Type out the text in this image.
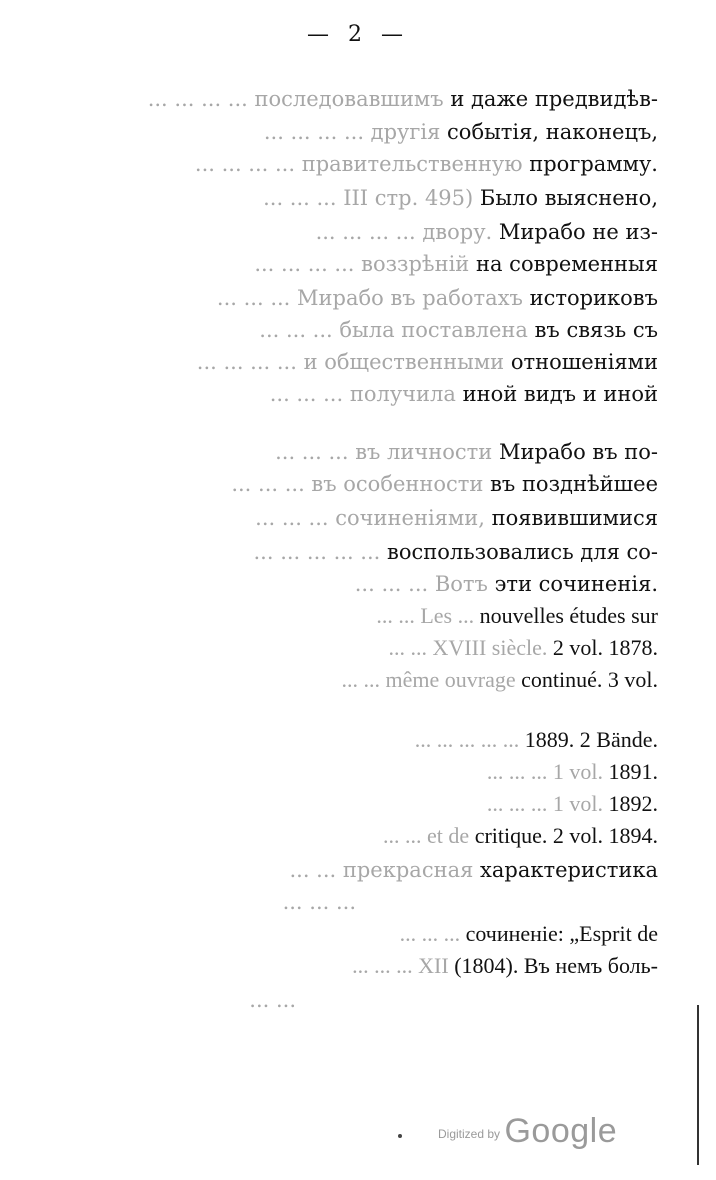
— 2 —
... ... ... ... поcледовавшимъ и даже предвидѣв-
... ... ... ... другія событія, наконецъ,
... ... ... ... правительственную программу.
... ... ... III стр. 495) Было выяснено,
... ... ... ... двору. Мирабо не из-
... ... ... ... воззрѣній на современныя
... ... ... Мирабо въ работахъ историковъ
... ... ... была поставлена въ связь съ
... ... ... ... и общественными отношеніями
... ... ... получила иной видъ и иной
... ... ... въ личности Мирабо въ по-
... ... ... въ особенности въ позднѣйшее
... ... ... сочиненіями, появившимися
... ... ... ... ... воспользовались для со-
... ... ... Вотъ эти сочиненія.
... ... Les ... nouvelles études sur
... ... XVIII siècle. 2 vol. 1878.
... ... même ouvrage continué. 3 vol.
... ... ... ... ... 1889. 2 Bände.
... ... ... 1 vol. 1891.
... ... ... 1 vol. 1892.
... ... et de critique. 2 vol. 1894.
... ... прекрасная характеристика
... ... ...
... ... ... сочиненіе: „Esprit de
... ... ... XII (1804). Въ немъ боль-
... ...
$^{Digitized by}$ Google
